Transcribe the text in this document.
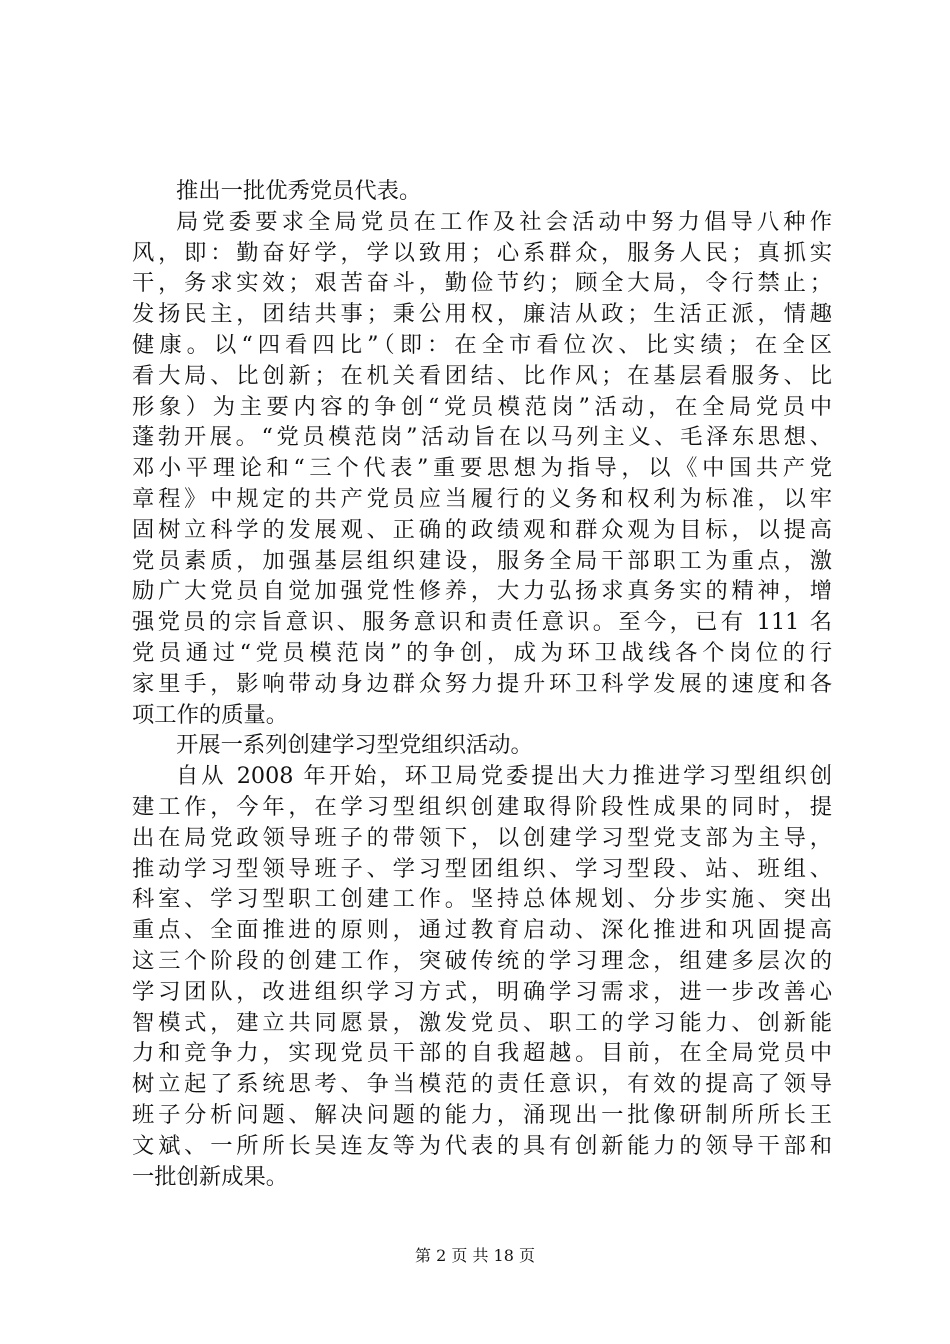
推出一批优秀党员代表。
局党委要求全局党员在工作及社会活动中努力倡导八种作
风，即：勤奋好学，学以致用；心系群众，服务人民；真抓实
干，务求实效；艰苦奋斗，勤俭节约；顾全大局，令行禁止；
发扬民主，团结共事；秉公用权，廉洁从政；生活正派，情趣
健康。以“四看四比”（即：在全市看位次、比实绩；在全区
看大局、比创新；在机关看团结、比作风；在基层看服务、比
形象）为主要内容的争创“党员模范岗”活动，在全局党员中
蓬勃开展。“党员模范岗”活动旨在以马列主义、毛泽东思想、
邓小平理论和“三个代表”重要思想为指导，以《中国共产党
章程》中规定的共产党员应当履行的义务和权利为标准，以牢
固树立科学的发展观、正确的政绩观和群众观为目标，以提高
党员素质，加强基层组织建设，服务全局干部职工为重点，激
励广大党员自觉加强党性修养，大力弘扬求真务实的精神，增
强党员的宗旨意识、服务意识和责任意识。至今，已有 111 名
党员通过“党员模范岗”的争创，成为环卫战线各个岗位的行
家里手，影响带动身边群众努力提升环卫科学发展的速度和各
项工作的质量。
开展一系列创建学习型党组织活动。
自从 2008 年开始，环卫局党委提出大力推进学习型组织创
建工作，今年，在学习型组织创建取得阶段性成果的同时，提
出在局党政领导班子的带领下，以创建学习型党支部为主导，
推动学习型领导班子、学习型团组织、学习型段、站、班组、
科室、学习型职工创建工作。坚持总体规划、分步实施、突出
重点、全面推进的原则，通过教育启动、深化推进和巩固提高
这三个阶段的创建工作，突破传统的学习理念，组建多层次的
学习团队，改进组织学习方式，明确学习需求，进一步改善心
智模式，建立共同愿景，激发党员、职工的学习能力、创新能
力和竞争力，实现党员干部的自我超越。目前，在全局党员中
树立起了系统思考、争当模范的责任意识，有效的提高了领导
班子分析问题、解决问题的能力，涌现出一批像研制所所长王
文斌、一所所长吴连友等为代表的具有创新能力的领导干部和
一批创新成果。
第 2 页 共 18 页
